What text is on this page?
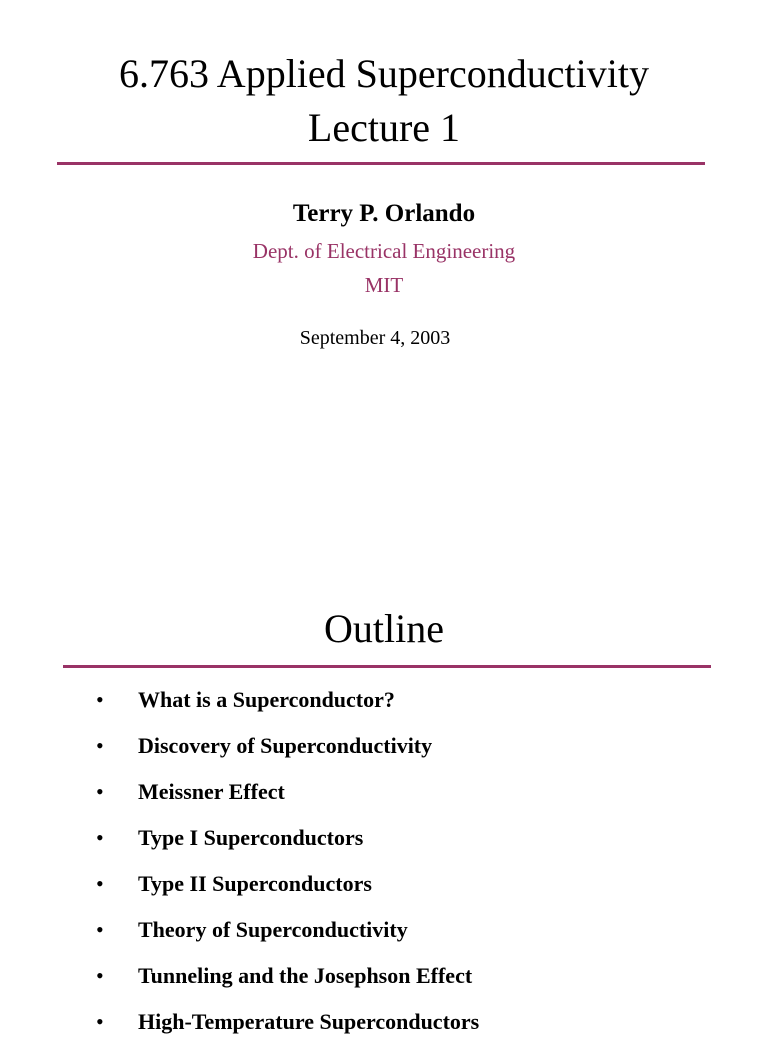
6.763 Applied Superconductivity
Lecture 1
Terry P. Orlando
Dept. of Electrical Engineering
MIT
September 4, 2003
Outline
• What is a Superconductor?
• Discovery of Superconductivity
• Meissner Effect
• Type I Superconductors
• Type II Superconductors
• Theory of Superconductivity
• Tunneling and the Josephson Effect
• High-Temperature Superconductors
